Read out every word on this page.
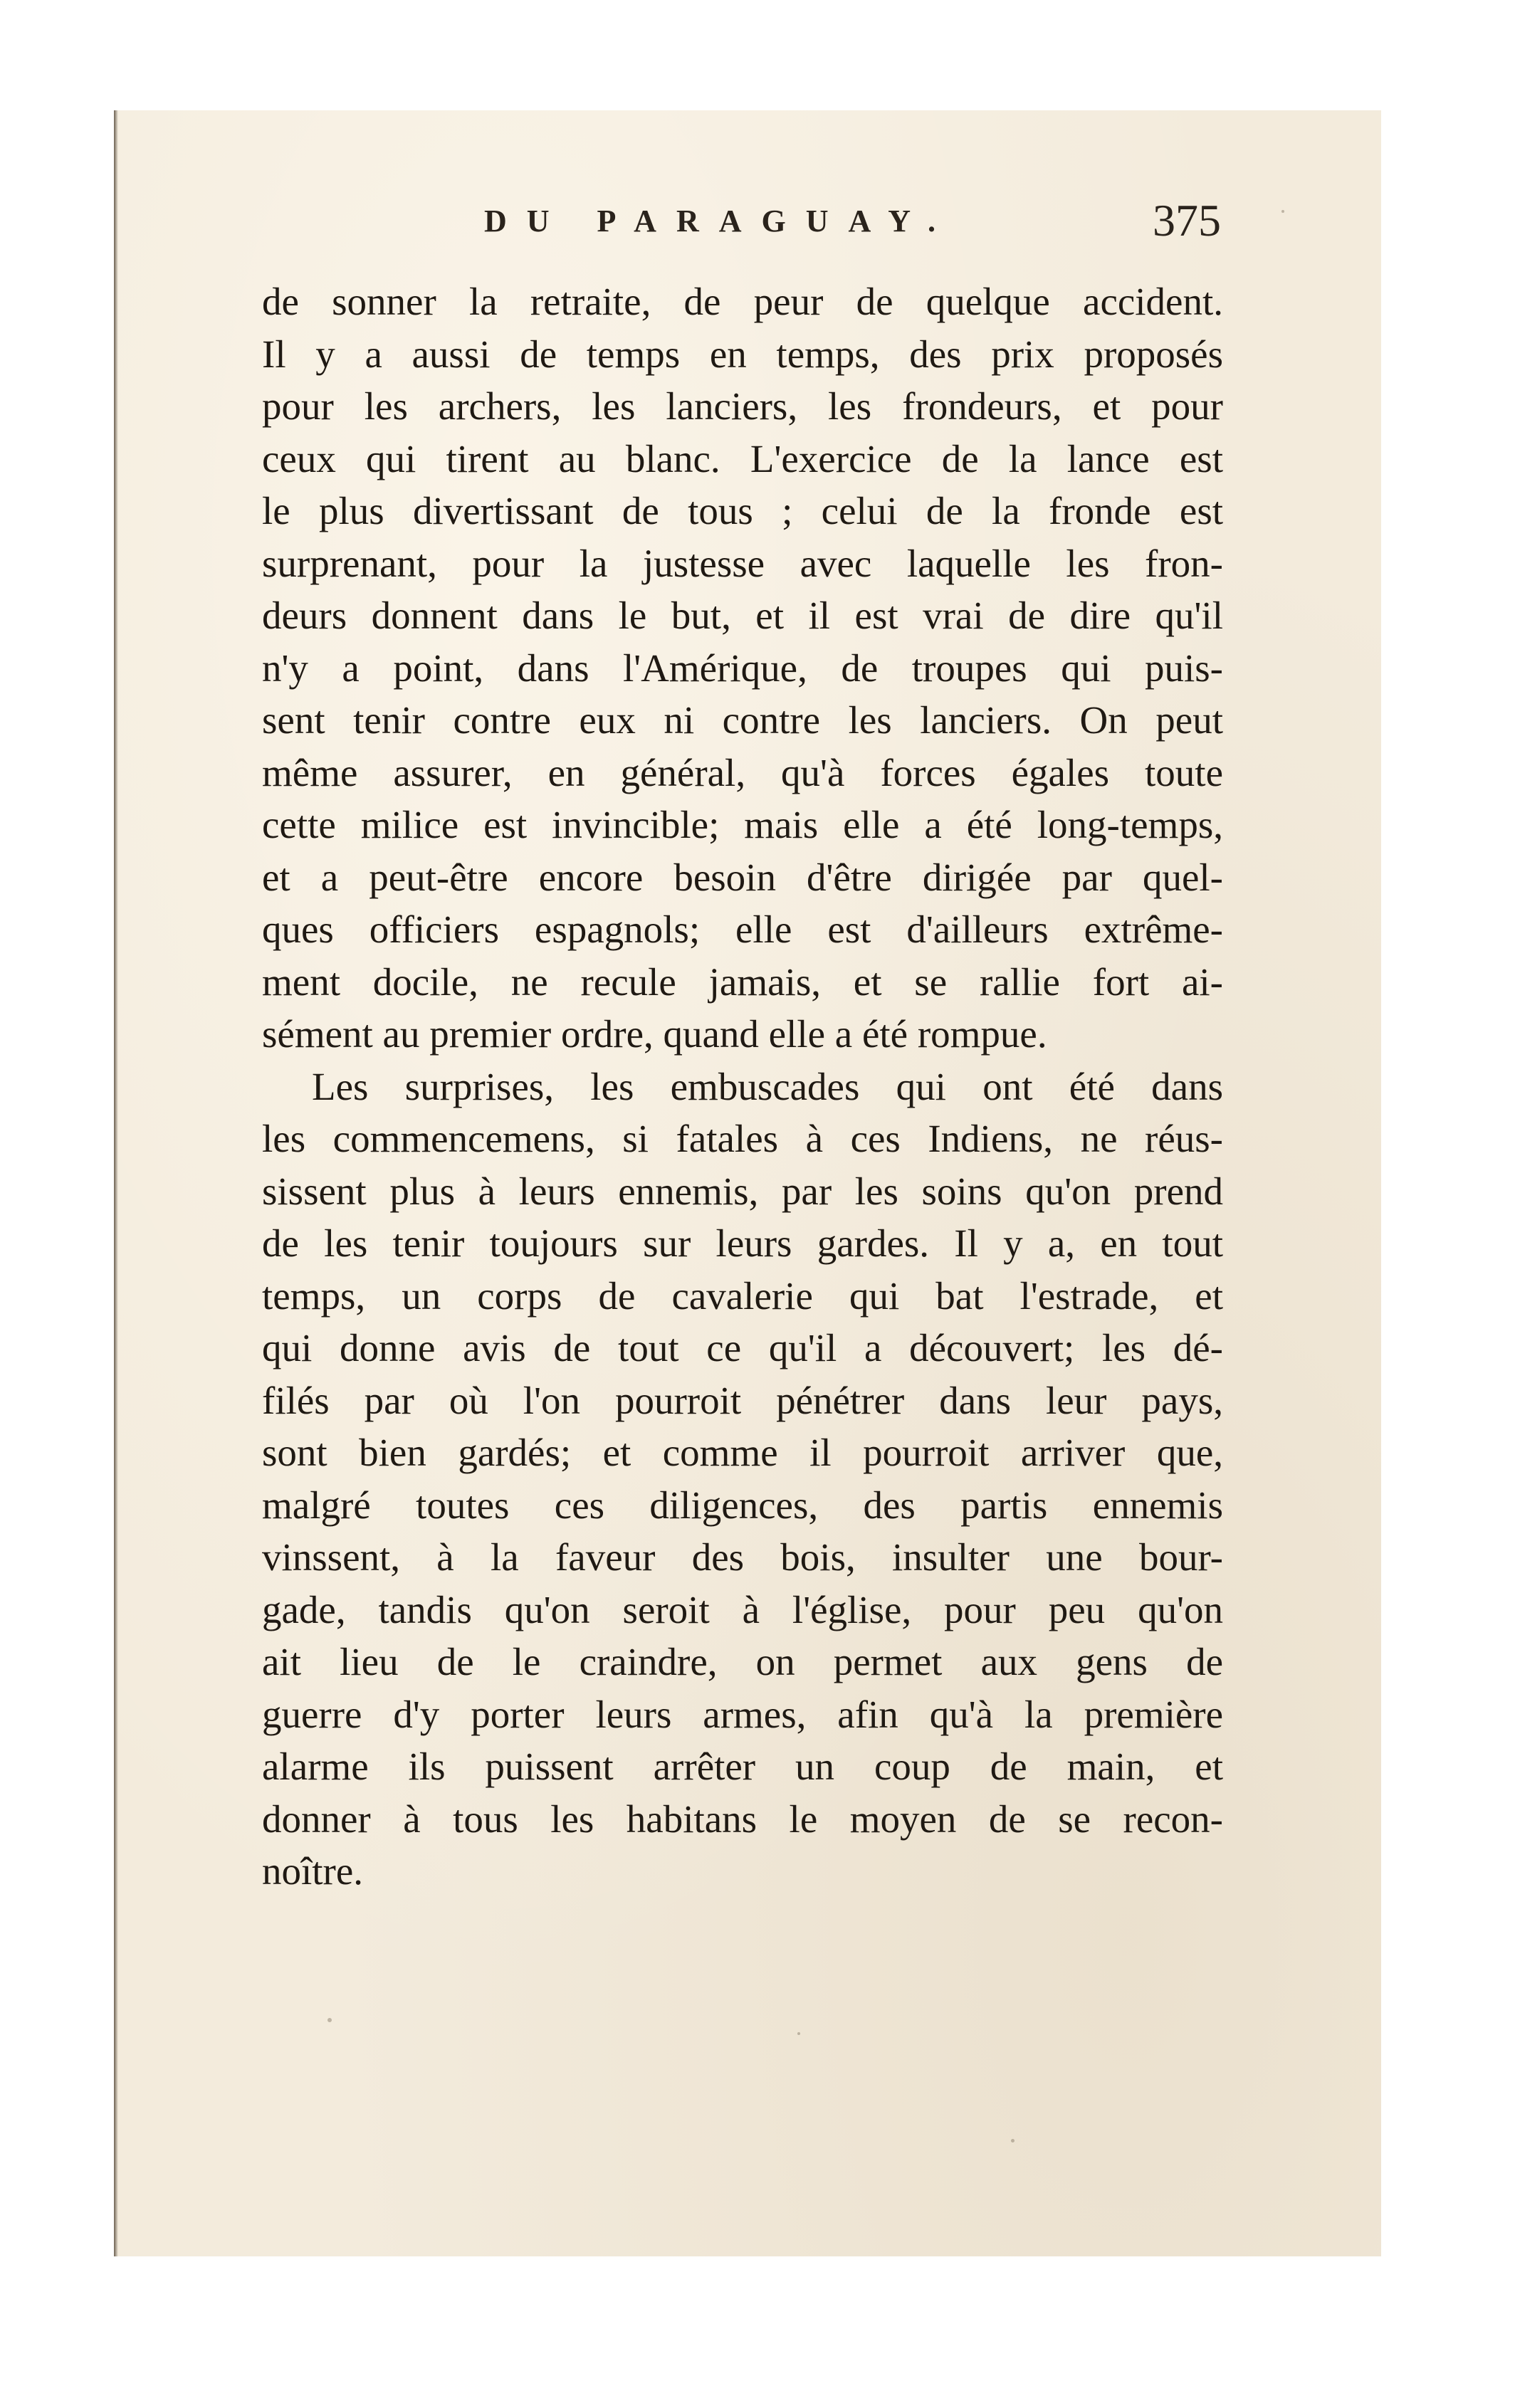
DU PARAGUAY.	375
de sonner la retraite, de peur de quelque accident.
Il y a aussi de temps en temps, des prix proposés
pour les archers, les lanciers, les frondeurs, et pour
ceux qui tirent au blanc. L'exercice de la lance est
le plus divertissant de tous ; celui de la fronde est
surprenant, pour la justesse avec laquelle les fron-
deurs donnent dans le but, et il est vrai de dire qu'il
n'y a point, dans l'Amérique, de troupes qui puis-
sent tenir contre eux ni contre les lanciers. On peut
même assurer, en général, qu'à forces égales toute
cette milice est invincible; mais elle a été long-temps,
et a peut-être encore besoin d'être dirigée par quel-
ques officiers espagnols; elle est d'ailleurs extrême-
ment docile, ne recule jamais, et se rallie fort ai-
sément au premier ordre, quand elle a été rompue.
Les surprises, les embuscades qui ont été dans
les commencemens, si fatales à ces Indiens, ne réus-
sissent plus à leurs ennemis, par les soins qu'on prend
de les tenir toujours sur leurs gardes. Il y a, en tout
temps, un corps de cavalerie qui bat l'estrade, et
qui donne avis de tout ce qu'il a découvert; les dé-
filés par où l'on pourroit pénétrer dans leur pays,
sont bien gardés; et comme il pourroit arriver que,
malgré toutes ces diligences, des partis ennemis
vinssent, à la faveur des bois, insulter une bour-
gade, tandis qu'on seroit à l'église, pour peu qu'on
ait lieu de le craindre, on permet aux gens de
guerre d'y porter leurs armes, afin qu'à la première
alarme ils puissent arrêter un coup de main, et
donner à tous les habitans le moyen de se recon-
noître.
